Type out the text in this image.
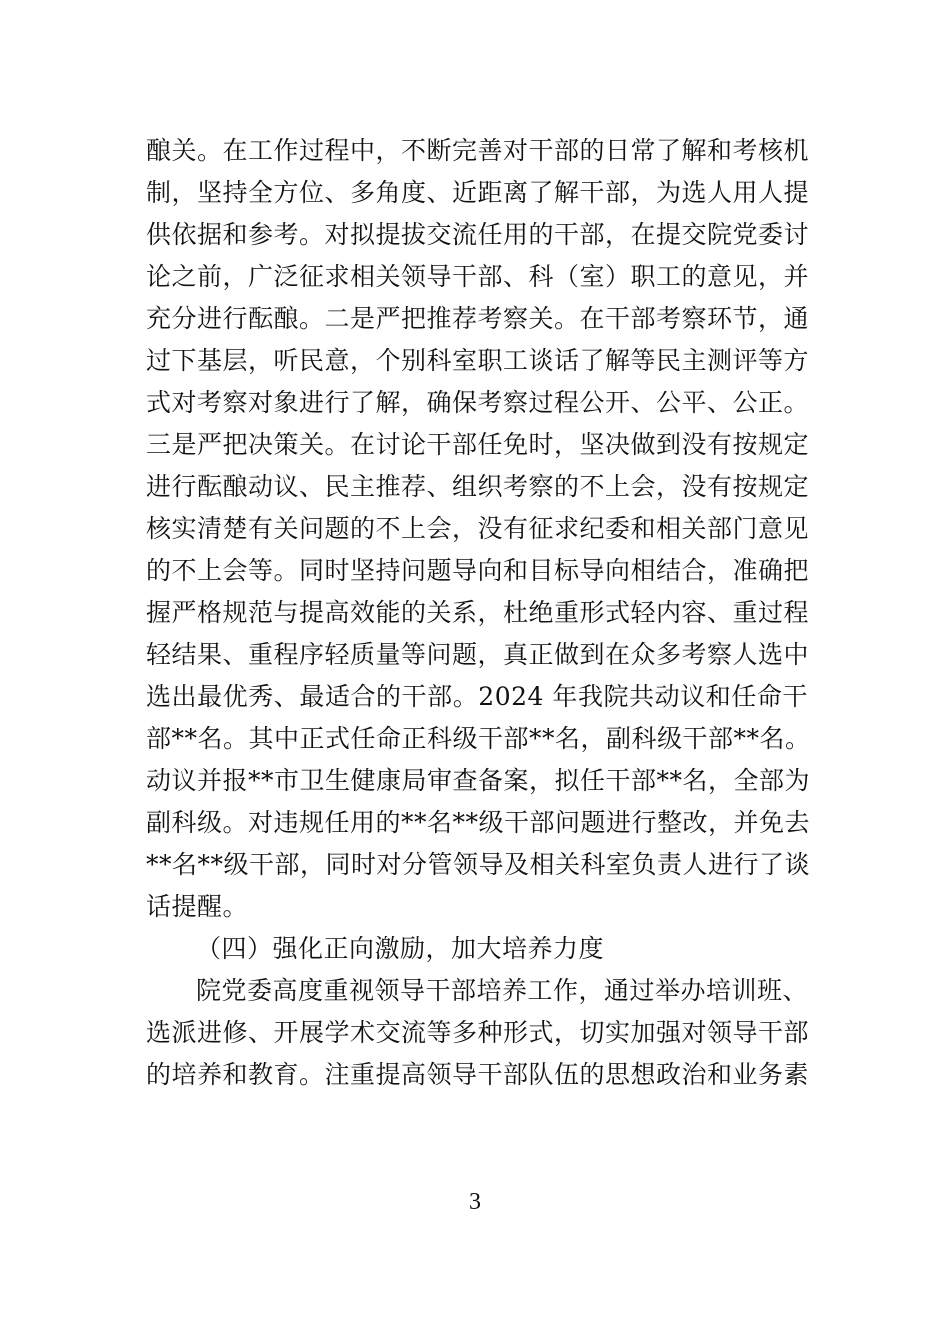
酿关。在工作过程中，不断完善对干部的日常了解和考核机
制，坚持全方位、多角度、近距离了解干部，为选人用人提
供依据和参考。对拟提拔交流任用的干部，在提交院党委讨
论之前，广泛征求相关领导干部、科（室）职工的意见，并
充分进行酝酿。二是严把推荐考察关。在干部考察环节，通
过下基层，听民意，个别科室职工谈话了解等民主测评等方
式对考察对象进行了解，确保考察过程公开、公平、公正。
三是严把决策关。在讨论干部任免时，坚决做到没有按规定
进行酝酿动议、民主推荐、组织考察的不上会，没有按规定
核实清楚有关问题的不上会，没有征求纪委和相关部门意见
的不上会等。同时坚持问题导向和目标导向相结合，准确把
握严格规范与提高效能的关系，杜绝重形式轻内容、重过程
轻结果、重程序轻质量等问题，真正做到在众多考察人选中
选出最优秀、最适合的干部。2024 年我院共动议和任命干
部**名。其中正式任命正科级干部**名，副科级干部**名。
动议并报**市卫生健康局审查备案，拟任干部**名，全部为
副科级。对违规任用的**名**级干部问题进行整改，并免去
**名**级干部，同时对分管领导及相关科室负责人进行了谈
话提醒。
（四）强化正向激励，加大培养力度
院党委高度重视领导干部培养工作，通过举办培训班、
选派进修、开展学术交流等多种形式，切实加强对领导干部
的培养和教育。注重提高领导干部队伍的思想政治和业务素
3
